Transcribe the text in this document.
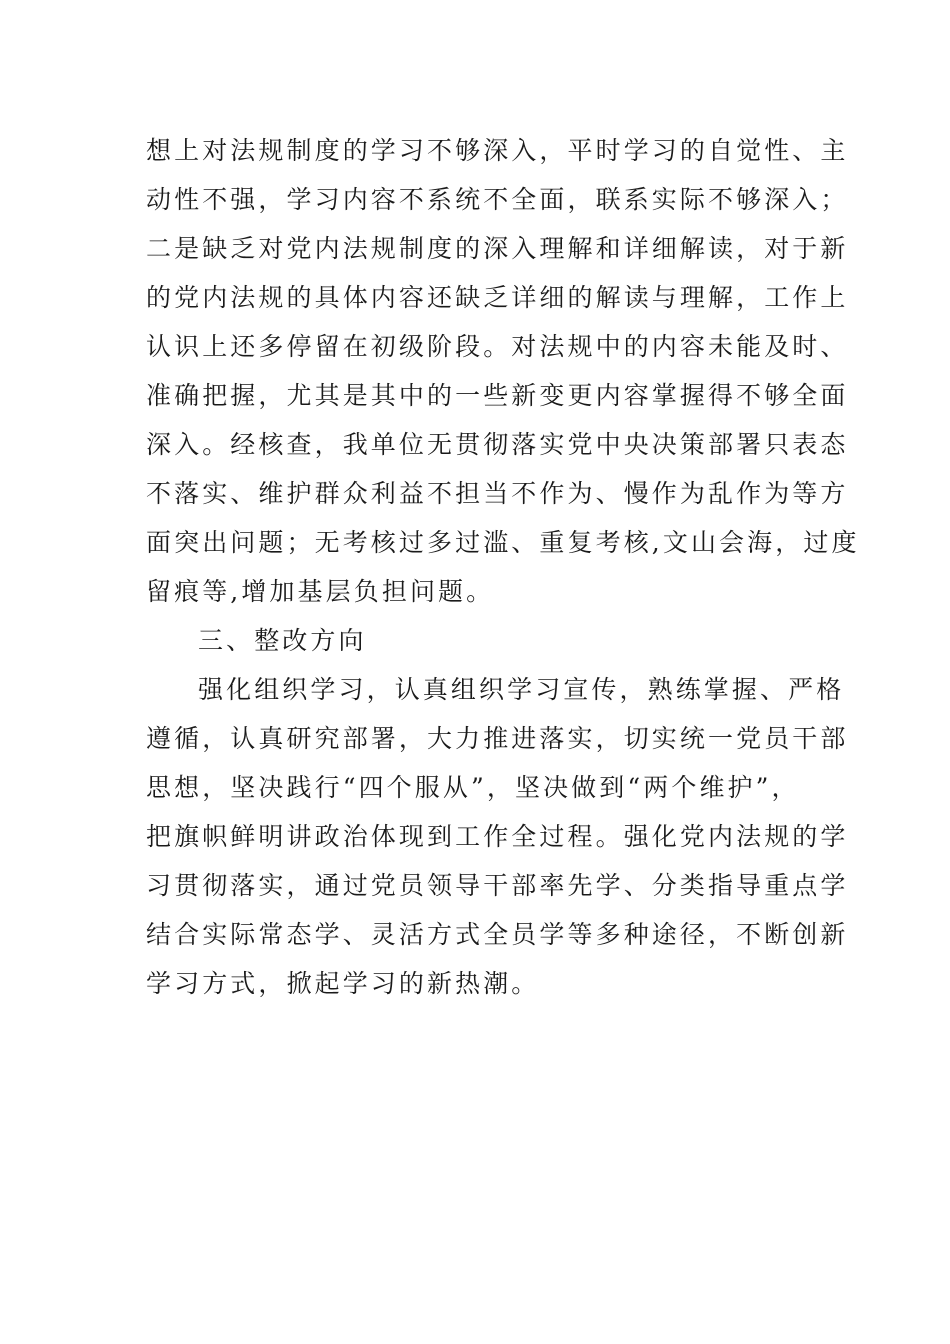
想上对法规制度的学习不够深入，平时学习的自觉性、主
动性不强，学习内容不系统不全面，联系实际不够深入；
二是缺乏对党内法规制度的深入理解和详细解读，对于新
的党内法规的具体内容还缺乏详细的解读与理解，工作上
认识上还多停留在初级阶段。对法规中的内容未能及时、
准确把握，尤其是其中的一些新变更内容掌握得不够全面
深入。经核查，我单位无贯彻落实党中央决策部署只表态
不落实、维护群众利益不担当不作为、慢作为乱作为等方
面突出问题；无考核过多过滥、重复考核,文山会海，过度
留痕等,增加基层负担问题。
三、整改方向
强化组织学习，认真组织学习宣传，熟练掌握、严格
遵循，认真研究部署，大力推进落实，切实统一党员干部
思想，坚决践行“四个服从”，坚决做到“两个维护”，
把旗帜鲜明讲政治体现到工作全过程。强化党内法规的学
习贯彻落实，通过党员领导干部率先学、分类指导重点学
结合实际常态学、灵活方式全员学等多种途径，不断创新
学习方式，掀起学习的新热潮。
